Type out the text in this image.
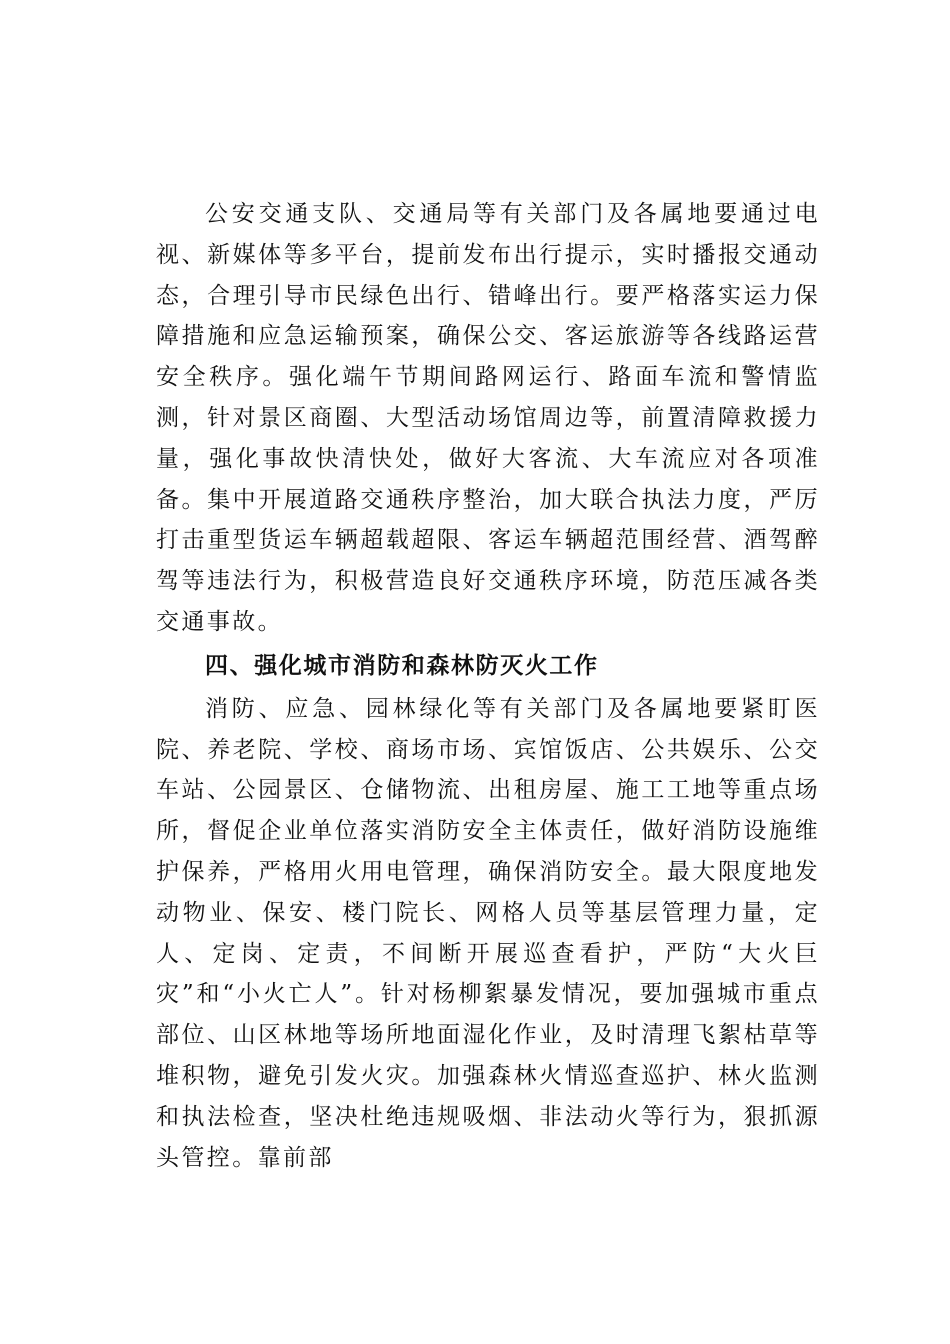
公安交通支队、交通局等有关部门及各属地要通过电视、新媒体等多平台，提前发布出行提示，实时播报交通动态，合理引导市民绿色出行、错峰出行。要严格落实运力保障措施和应急运输预案，确保公交、客运旅游等各线路运营安全秩序。强化端午节期间路网运行、路面车流和警情监测，针对景区商圈、大型活动场馆周边等，前置清障救援力量，强化事故快清快处，做好大客流、大车流应对各项准备。集中开展道路交通秩序整治，加大联合执法力度，严厉打击重型货运车辆超载超限、客运车辆超范围经营、酒驾醉驾等违法行为，积极营造良好交通秩序环境，防范压减各类交通事故。

四、强化城市消防和森林防灭火工作

消防、应急、园林绿化等有关部门及各属地要紧盯医院、养老院、学校、商场市场、宾馆饭店、公共娱乐、公交车站、公园景区、仓储物流、出租房屋、施工工地等重点场所，督促企业单位落实消防安全主体责任，做好消防设施维护保养，严格用火用电管理，确保消防安全。最大限度地发动物业、保安、楼门院长、网格人员等基层管理力量，定人、定岗、定责，不间断开展巡查看护，严防“大火巨灾”和“小火亡人”。针对杨柳絮暴发情况，要加强城市重点部位、山区林地等场所地面湿化作业，及时清理飞絮枯草等堆积物，避免引发火灾。加强森林火情巡查巡护、林火监测和执法检查，坚决杜绝违规吸烟、非法动火等行为，狠抓源头管控。靠前部
